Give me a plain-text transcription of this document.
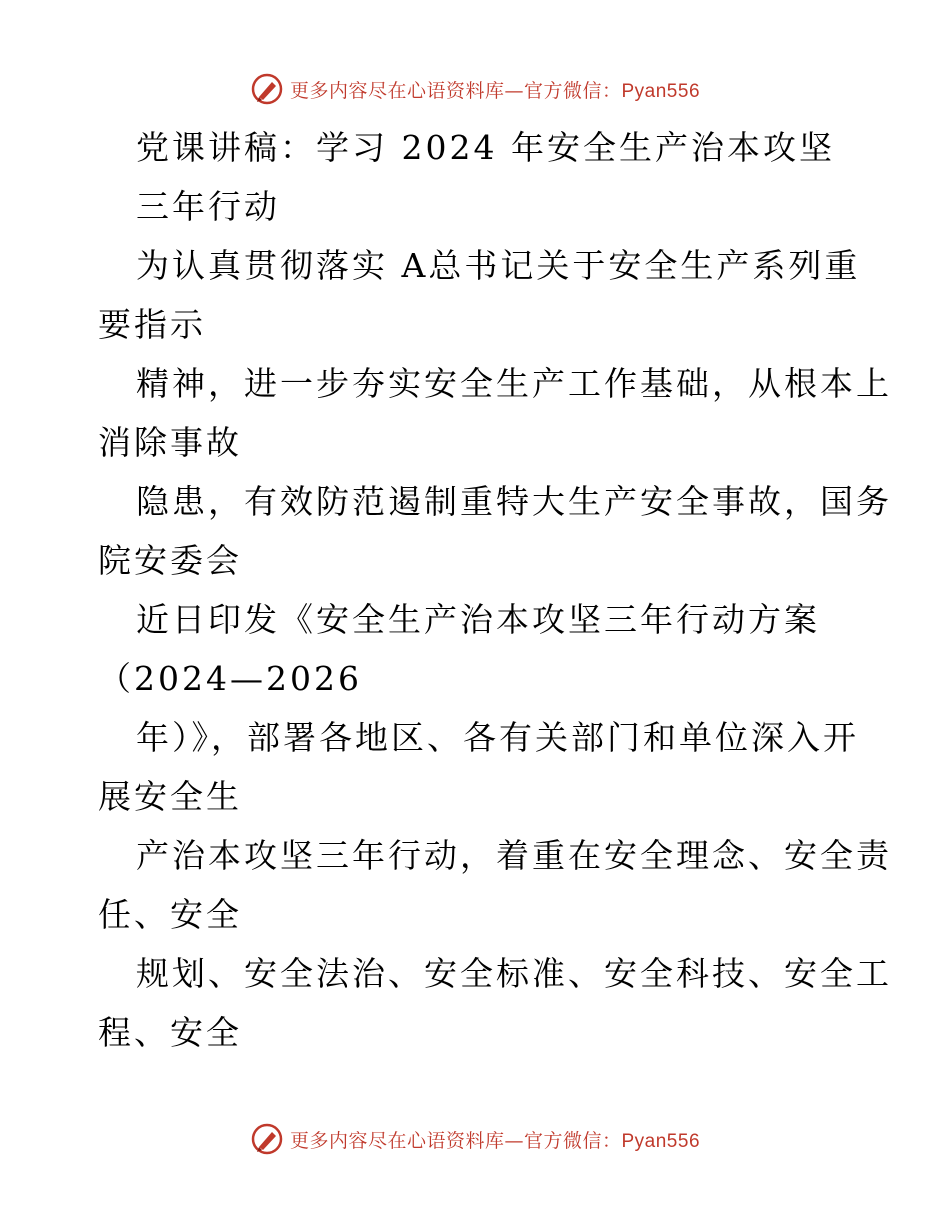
更多内容尽在心语资料库—官方微信：Pyan556
党课讲稿：学习 2024 年安全生产治本攻坚
三年行动
为认真贯彻落实 A总书记关于安全生产系列重
要指示
精神，进一步夯实安全生产工作基础，从根本上
消除事故
隐患，有效防范遏制重特大生产安全事故，国务
院安委会
近日印发《安全生产治本攻坚三年行动方案
（2024—2026
年）》，部署各地区、各有关部门和单位深入开
展安全生
产治本攻坚三年行动，着重在安全理念、安全责
任、安全
规划、安全法治、安全标准、安全科技、安全工
程、安全
更多内容尽在心语资料库—官方微信：Pyan556
